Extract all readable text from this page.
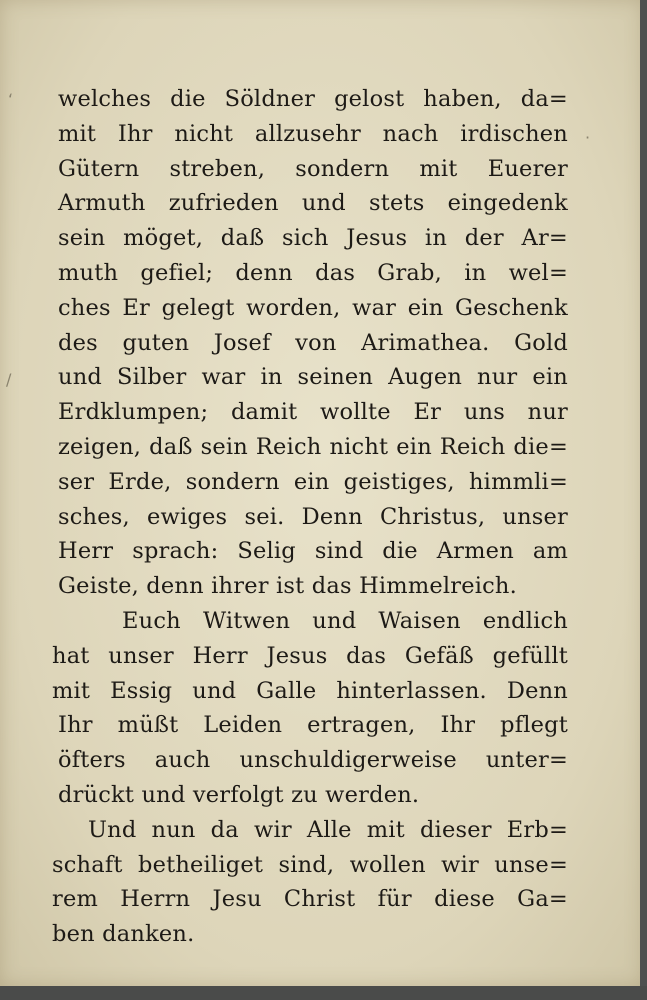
‘
·
/
welches die Söldner gelost haben, da=
mit Ihr nicht allzusehr nach irdischen
Gütern streben, sondern mit Euerer
Armuth zufrieden und stets eingedenk
sein möget, daß sich Jesus in der Ar=
muth gefiel; denn das Grab, in wel=
ches Er gelegt worden, war ein Geschenk
des guten Josef von Arimathea. Gold
und Silber war in seinen Augen nur ein
Erdklumpen; damit wollte Er uns nur
zeigen, daß sein Reich nicht ein Reich die=
ser Erde, sondern ein geistiges, himmli=
sches, ewiges sei. Denn Christus, unser
Herr sprach: Selig sind die Armen am
Geiste, denn ihrer ist das Himmelreich.
Euch Witwen und Waisen endlich
hat unser Herr Jesus das Gefäß gefüllt
mit Essig und Galle hinterlassen. Denn
Ihr müßt Leiden ertragen, Ihr pflegt
öfters auch unschuldigerweise unter=
drückt und verfolgt zu werden.
Und nun da wir Alle mit dieser Erb=
schaft betheiliget sind, wollen wir unse=
rem Herrn Jesu Christ für diese Ga=
ben danken.
